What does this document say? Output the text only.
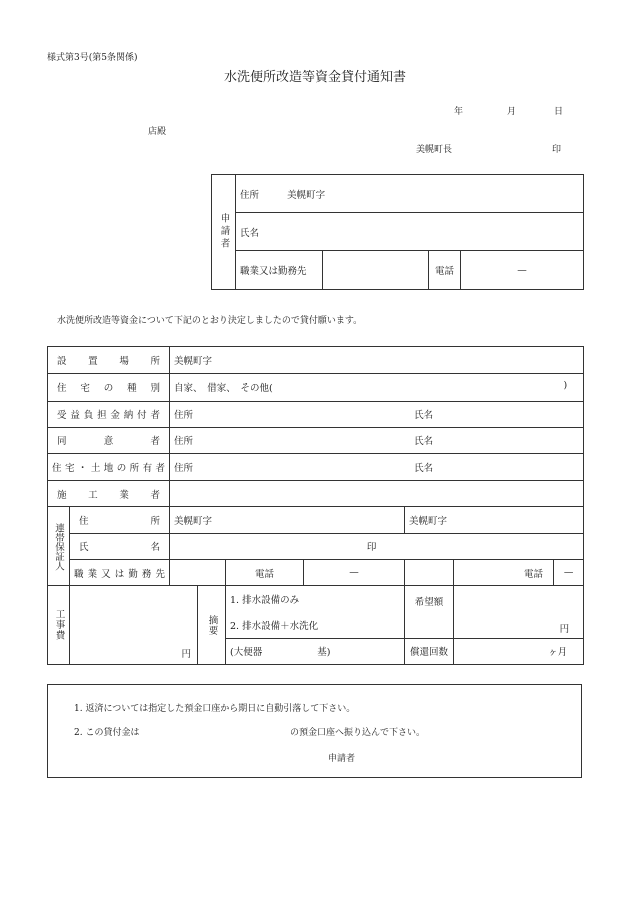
様式第3号(第5条関係)
水洗便所改造等資金貸付通知書
年	月	日
店殿
美幌町長	印
申請者	住所 美幌町字			
	氏名			
	職業又は勤務先		電話	—
水洗便所改造等資金について下記のとおり決定しましたので貸付願います。
設置場所		美幌町字						

住宅の種別		自家、　借家、　その他( )						

受益負担金納付者		住所 氏名						

同意者		住所 氏名						

住宅・土地の所有者		住所 氏名						

施工業者								

連帯保証人	住所	美幌町字				美幌町字		

	氏名	印						

	職業又は勤務先			電話	—		電話	—
工事費	円		摘要	1. 排水設備のみ		希望額	円	
				2. 排水設備＋水洗化				
				(大便器 基)		償還回数	ヶ月	
1. 返済については指定した預金口座から期日に自動引落して下さい。
2. この貸付金は	の預金口座へ振り込んで下さい。
申請者
